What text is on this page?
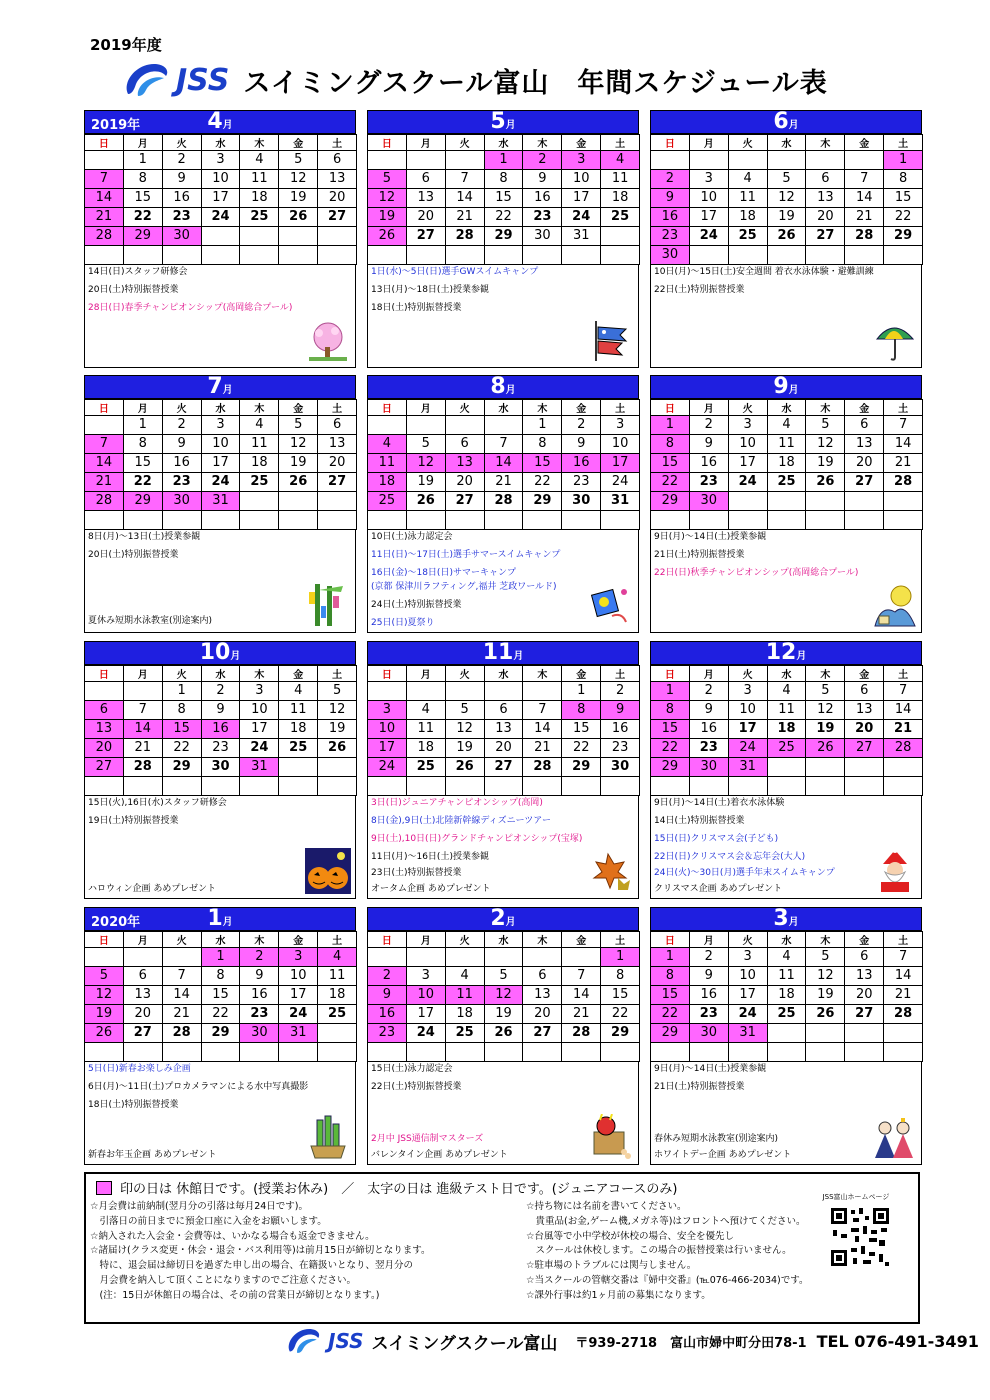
2019年度
JSS スイミングスクール富山　年間スケジュール表
2019年	4月
日	月	火	水	木	金	土
	1	2	3	4	5	6
7	8	9	10	11	12	13
14	15	16	17	18	19	20
21	22	23	24	25	26	27
28	29	30				

14日(日)スタッフ研修会
20日(土)特別振替授業
28日(日)春季チャンピオンシップ(高岡総合プール)
5月
日	月	火	水	木	金	土
			1	2	3	4
5	6	7	8	9	10	11
12	13	14	15	16	17	18
19	20	21	22	23	24	25
26	27	28	29	30	31	

1日(水)～5日(日)選手GWスイムキャンプ
13日(月)～18日(土)授業参観
18日(土)特別振替授業
6月
日	月	火	水	木	金	土
						1
2	3	4	5	6	7	8
9	10	11	12	13	14	15
16	17	18	19	20	21	22
23	24	25	26	27	28	29
30						
10日(月)～15日(土)安全週間 着衣水泳体験・避難訓練
22日(土)特別振替授業
7月
日	月	火	水	木	金	土
	1	2	3	4	5	6
7	8	9	10	11	12	13
14	15	16	17	18	19	20
21	22	23	24	25	26	27
28	29	30	31			

8日(月)～13日(土)授業参観
20日(土)特別振替授業
夏休み短期水泳教室(別途案内)
8月
日	月	火	水	木	金	土
				1	2	3
4	5	6	7	8	9	10
11	12	13	14	15	16	17
18	19	20	21	22	23	24
25	26	27	28	29	30	31

10日(土)泳力認定会
11日(日)～17日(土)選手サマースイムキャンプ
16日(金)～18日(日)サマーキャンプ
(京都 保津川ラフティング,福井 芝政ワールド)
24日(土)特別振替授業
25日(日)夏祭り
9月
日	月	火	水	木	金	土
1	2	3	4	5	6	7
8	9	10	11	12	13	14
15	16	17	18	19	20	21
22	23	24	25	26	27	28
29	30					

9日(月)～14日(土)授業参観
21日(土)特別振替授業
22日(日)秋季チャンピオンシップ(高岡総合プール)
10月
日	月	火	水	木	金	土
		1	2	3	4	5
6	7	8	9	10	11	12
13	14	15	16	17	18	19
20	21	22	23	24	25	26
27	28	29	30	31		

15日(火),16日(水)スタッフ研修会
19日(土)特別振替授業
ハロウィン企画 あめプレゼント
11月
日	月	火	水	木	金	土
					1	2
3	4	5	6	7	8	9
10	11	12	13	14	15	16
17	18	19	20	21	22	23
24	25	26	27	28	29	30

3日(日)ジュニアチャンピオンシップ(高岡)
8日(金),9日(土)北陸新幹線ディズニーツアー
9日(土),10日(日)グランドチャンピオンシップ(宝塚)
11日(月)～16日(土)授業参観
23日(土)特別振替授業
オータム企画 あめプレゼント
12月
日	月	火	水	木	金	土
1	2	3	4	5	6	7
8	9	10	11	12	13	14
15	16	17	18	19	20	21
22	23	24	25	26	27	28
29	30	31				

9日(月)～14日(土)着衣水泳体験
14日(土)特別振替授業
15日(日)クリスマス会(子ども)
22日(日)クリスマス会＆忘年会(大人)
24日(火)～30日(月)選手年末スイムキャンプ
クリスマス企画 あめプレゼント
2020年	1月
日	月	火	水	木	金	土
			1	2	3	4
5	6	7	8	9	10	11
12	13	14	15	16	17	18
19	20	21	22	23	24	25
26	27	28	29	30	31	

5日(日)新春お楽しみ企画
6日(月)～11日(土)プロカメラマンによる水中写真撮影
18日(土)特別振替授業
新春お年玉企画 あめプレゼント
2月
日	月	火	水	木	金	土
						1
2	3	4	5	6	7	8
9	10	11	12	13	14	15
16	17	18	19	20	21	22
23	24	25	26	27	28	29

15日(土)泳力認定会
22日(土)特別振替授業
2月中 JSS通信制マスターズ
バレンタイン企画 あめプレゼント
3月
日	月	火	水	木	金	土
1	2	3	4	5	6	7
8	9	10	11	12	13	14
15	16	17	18	19	20	21
22	23	24	25	26	27	28
29	30	31				

9日(月)～14日(土)授業参観
21日(土)特別振替授業
春休み短期水泳教室(別途案内)
ホワイトデー企画 あめプレゼント
印の日は 休館日です。(授業お休み)　／　太字の日は 進級テスト日です。(ジュニアコースのみ)
☆月会費は前納制(翌月分の引落は毎月24日です)。
　引落日の前日までに預金口座に入金をお願いします。
☆納入された入会金・会費等は、いかなる場合も返金できません。
☆諸届け(クラス変更・休会・退会・バス利用等)は前月15日が締切となります。
　特に、退会届は締切日を過ぎた申し出の場合、在籍扱いとなり、翌月分の
　月会費を納入して頂くことになりますのでご注意ください。
　(注：15日が休館日の場合は、その前の営業日が締切となります。)
☆持ち物には名前を書いてください。
　貴重品(お金,ゲーム機,メガネ等)はフロントへ預けてください。
☆台風等で小中学校が休校の場合、安全を優先し
　スクールは休校します。この場合の振替授業は行いません。
☆駐車場のトラブルには関与しません。
☆当スクールの管轄交番は『婦中交番』(℡076-466-2034)です。
☆課外行事は約1ヶ月前の募集になります。
JSS富山ホームページ
JSS スイミングスクール富山 〒939-2718　富山市婦中町分田78-1 TEL 076-491-3491
